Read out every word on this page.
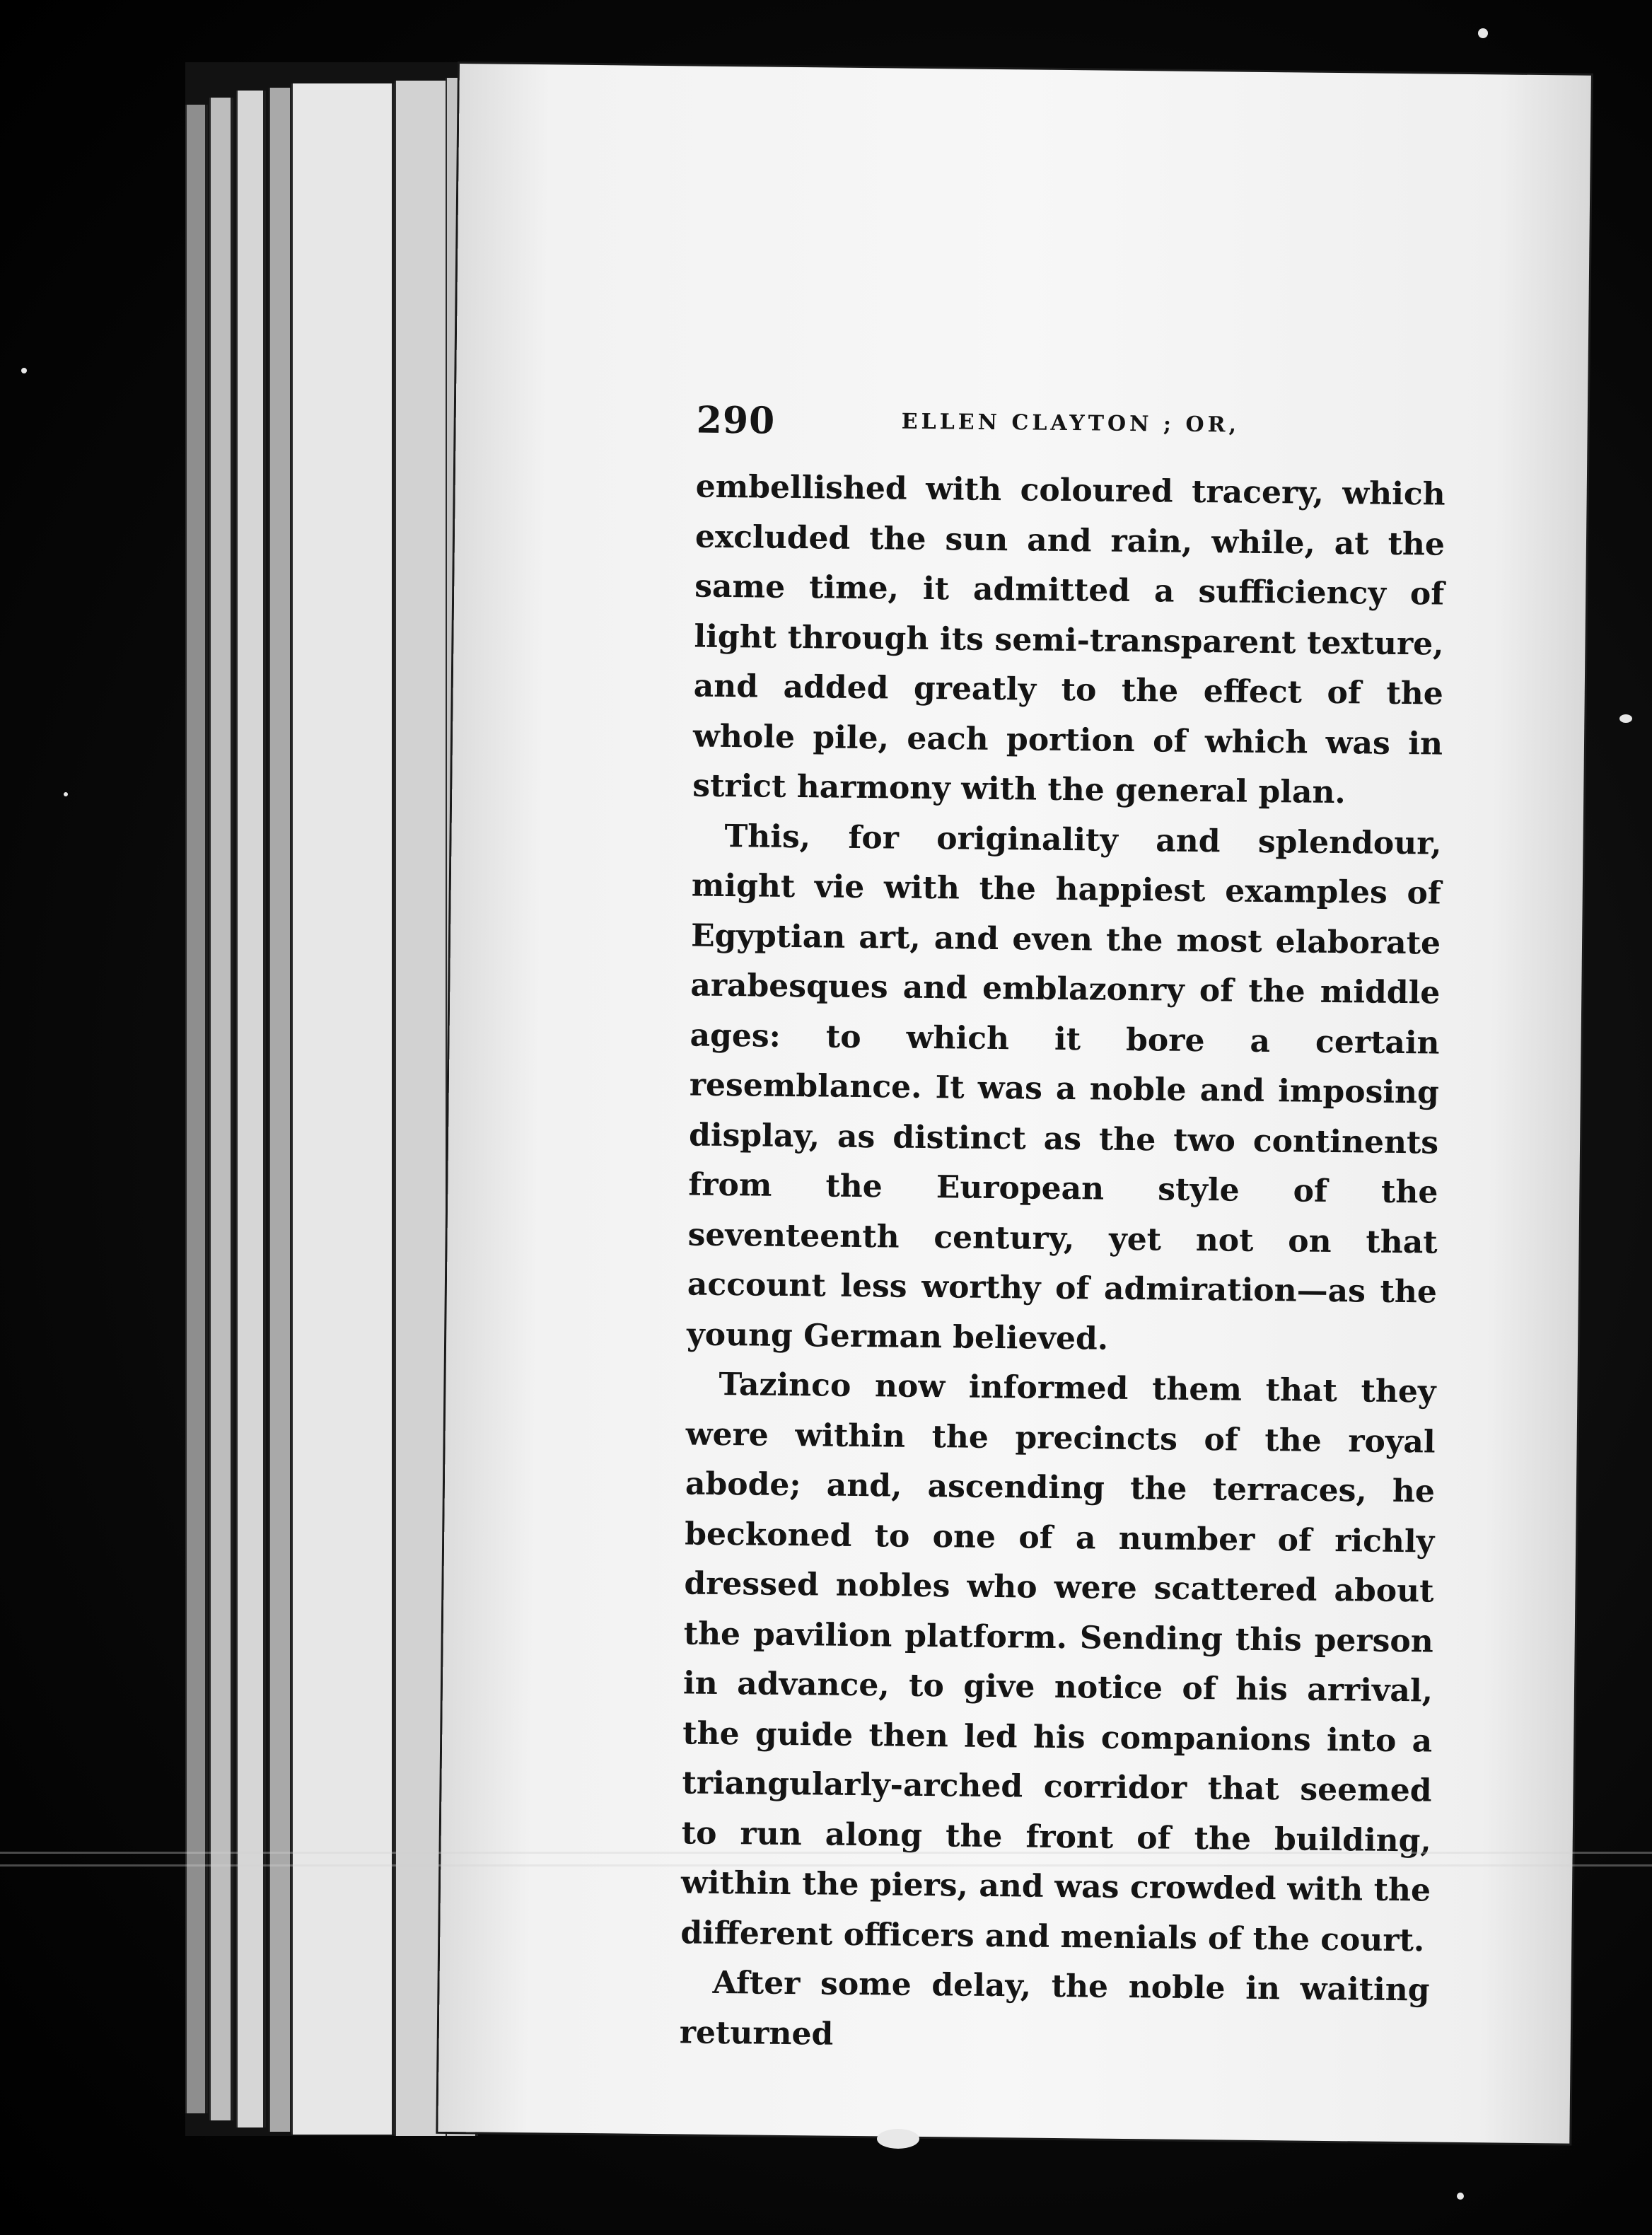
290	ELLEN CLAYTON ; OR,

embellished with coloured tracery, which excluded the sun and rain, while, at the same time, it admitted a sufficiency of light through its semi-transparent texture, and added greatly to the effect of the whole pile, each portion of which was in strict harmony with the general plan.

This, for originality and splendour, might vie with the happiest examples of Egyptian art, and even the most elaborate arabesques and emblazonry of the middle ages: to which it bore a certain resemblance. It was a noble and imposing display, as distinct as the two continents from the European style of the seventeenth century, yet not on that account less worthy of admiration—as the young German believed.

Tazinco now informed them that they were within the precincts of the royal abode; and, ascending the terraces, he beckoned to one of a number of richly dressed nobles who were scattered about the pavilion platform. Sending this person in advance, to give notice of his arrival, the guide then led his companions into a triangularly-arched corridor that seemed to run along the front of the building, within the piers, and was crowded with the different officers and menials of the court.

After some delay, the noble in waiting returned
